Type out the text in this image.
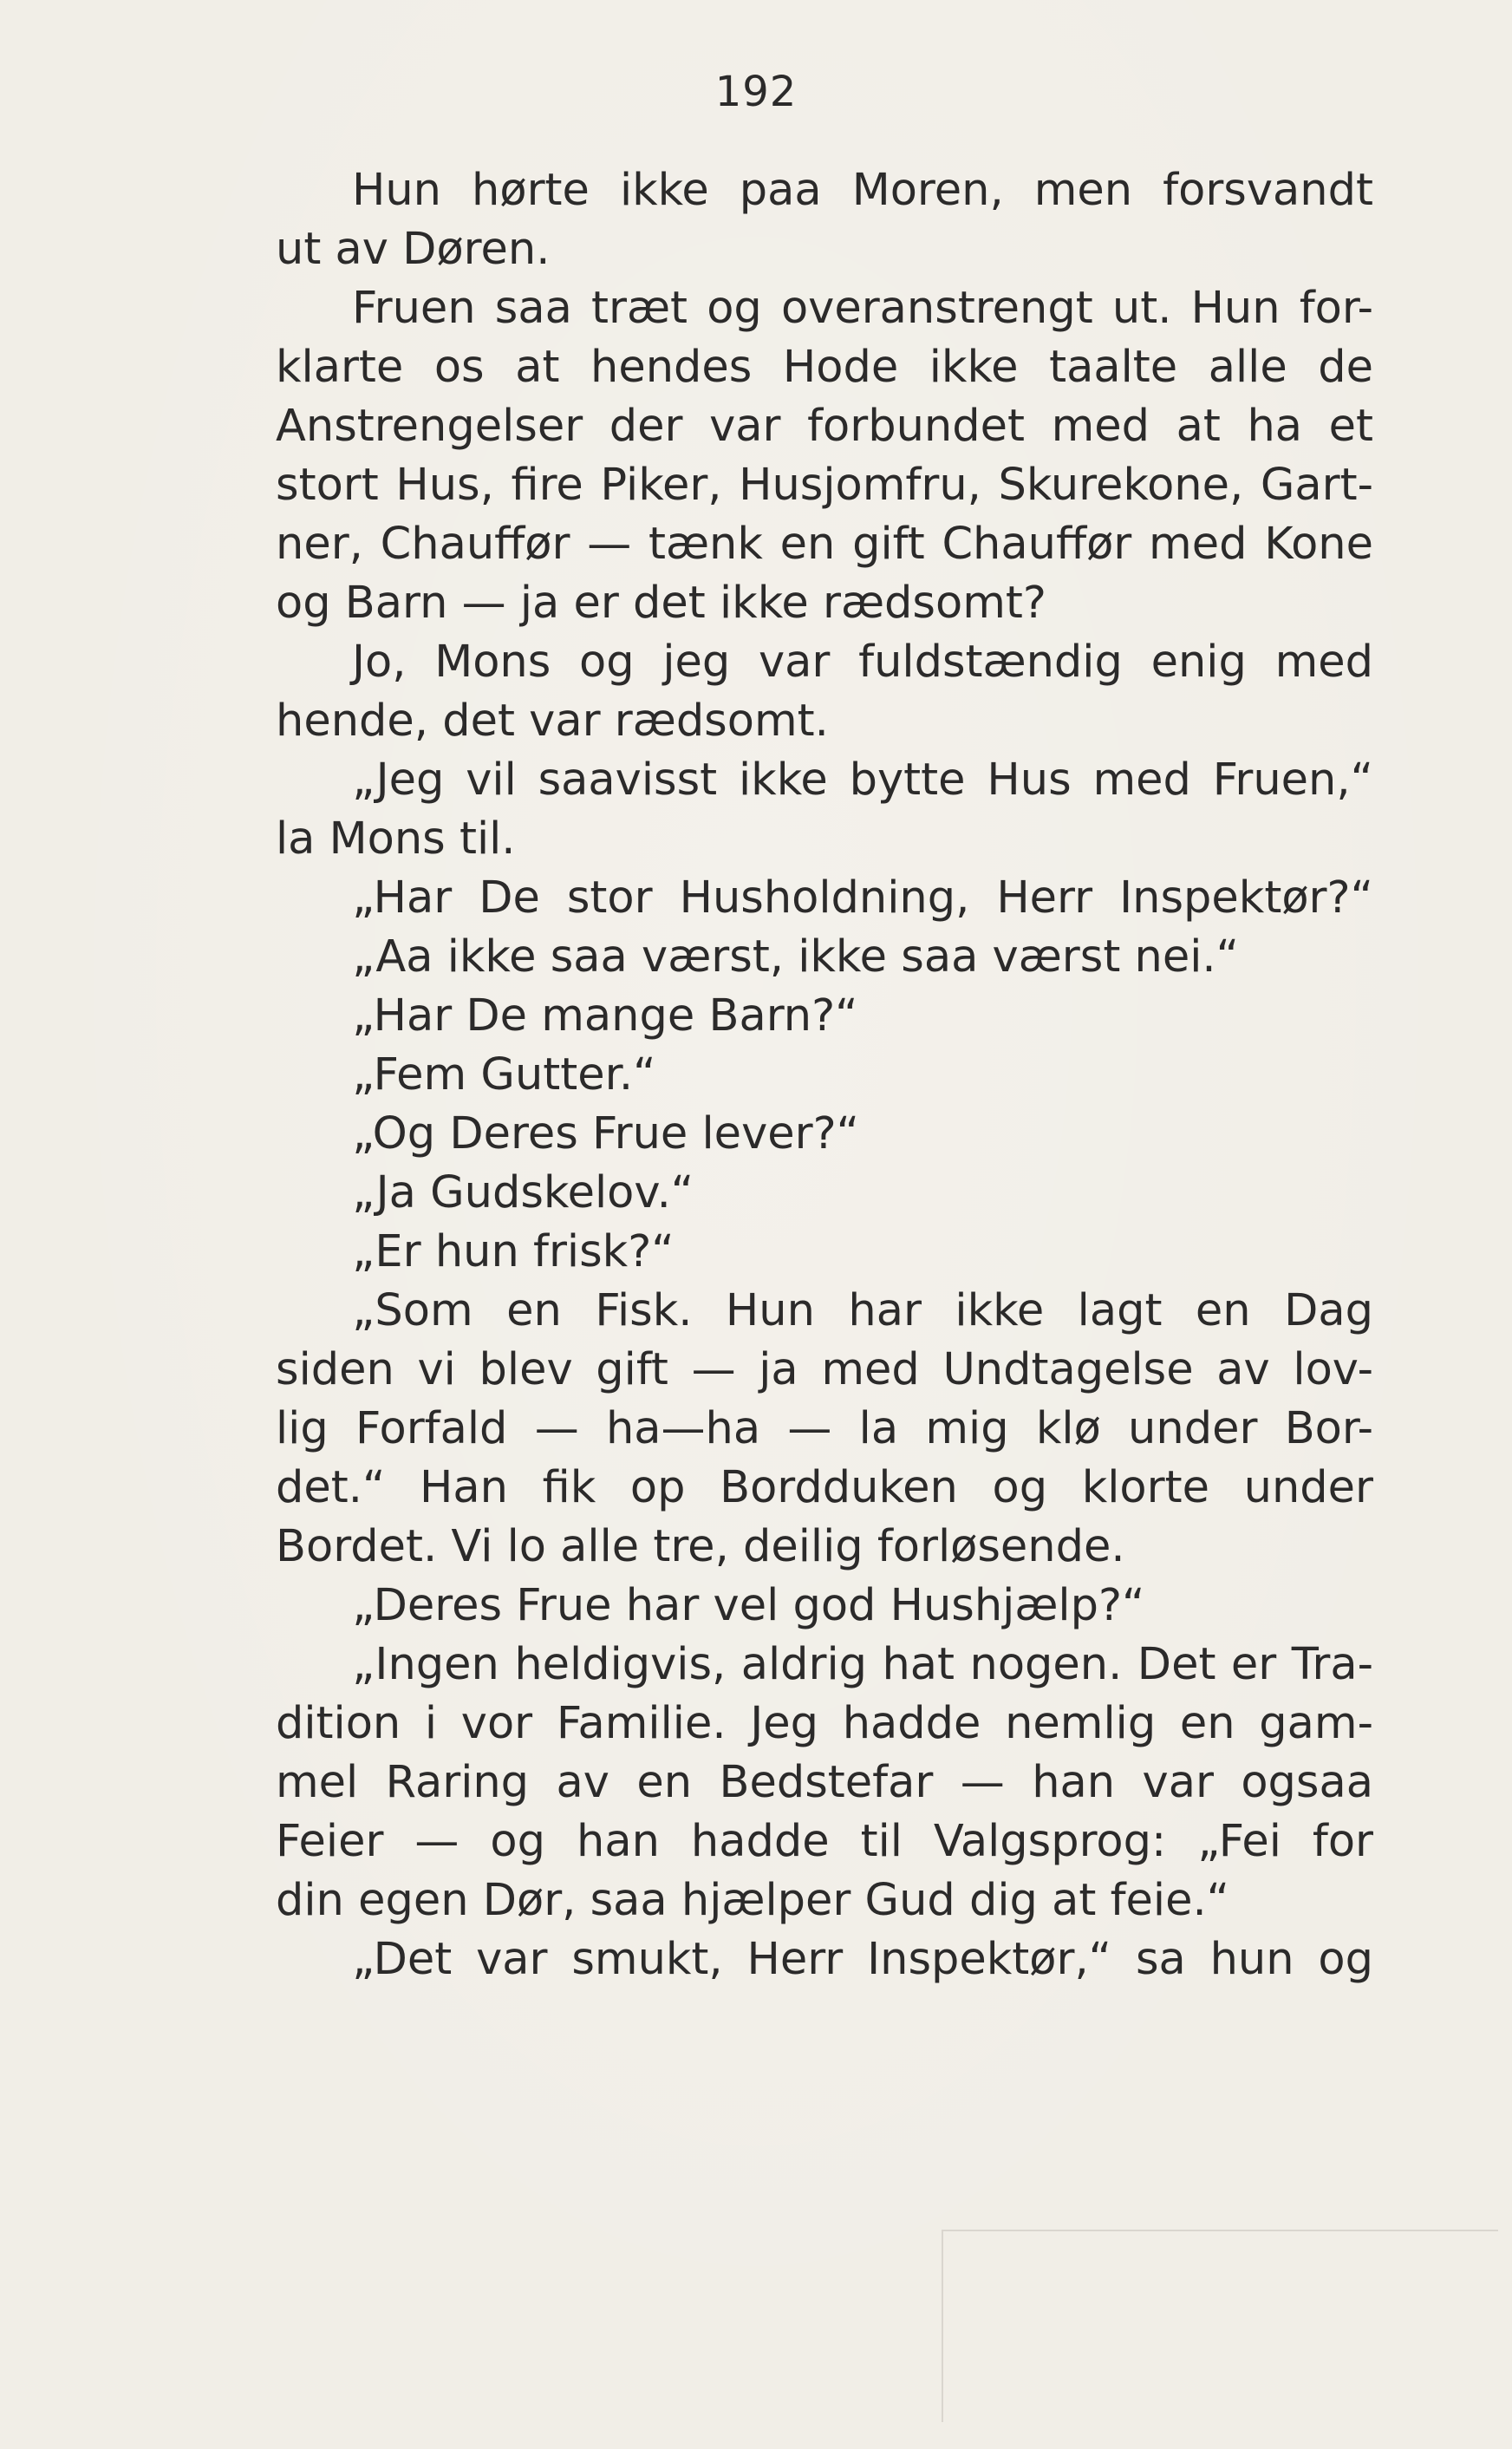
192
Hun hørte ikke paa Moren, men forsvandt
ut av Døren.
Fruen saa træt og overanstrengt ut. Hun for-
klarte os at hendes Hode ikke taalte alle de
Anstrengelser der var forbundet med at ha et
stort Hus, fire Piker, Husjomfru, Skurekone, Gart-
ner, Chauffør — tænk en gift Chauffør med Kone
og Barn — ja er det ikke rædsomt?
Jo, Mons og jeg var fuldstændig enig med
hende, det var rædsomt.
„Jeg vil saavisst ikke bytte Hus med Fruen,“
la Mons til.
„Har De stor Husholdning, Herr Inspektør?“
„Aa ikke saa værst, ikke saa værst nei.“
„Har De mange Barn?“
„Fem Gutter.“
„Og Deres Frue lever?“
„Ja Gudskelov.“
„Er hun frisk?“
„Som en Fisk. Hun har ikke lagt en Dag
siden vi blev gift — ja med Undtagelse av lov-
lig Forfald — ha—ha — la mig klø under Bor-
det.“ Han fik op Bordduken og klorte under
Bordet. Vi lo alle tre, deilig forløsende.
„Deres Frue har vel god Hushjælp?“
„Ingen heldigvis, aldrig hat nogen. Det er Tra-
dition i vor Familie. Jeg hadde nemlig en gam-
mel Raring av en Bedstefar — han var ogsaa
Feier — og han hadde til Valgsprog: „Fei for
din egen Dør, saa hjælper Gud dig at feie.“
„Det var smukt, Herr Inspektør,“ sa hun og
